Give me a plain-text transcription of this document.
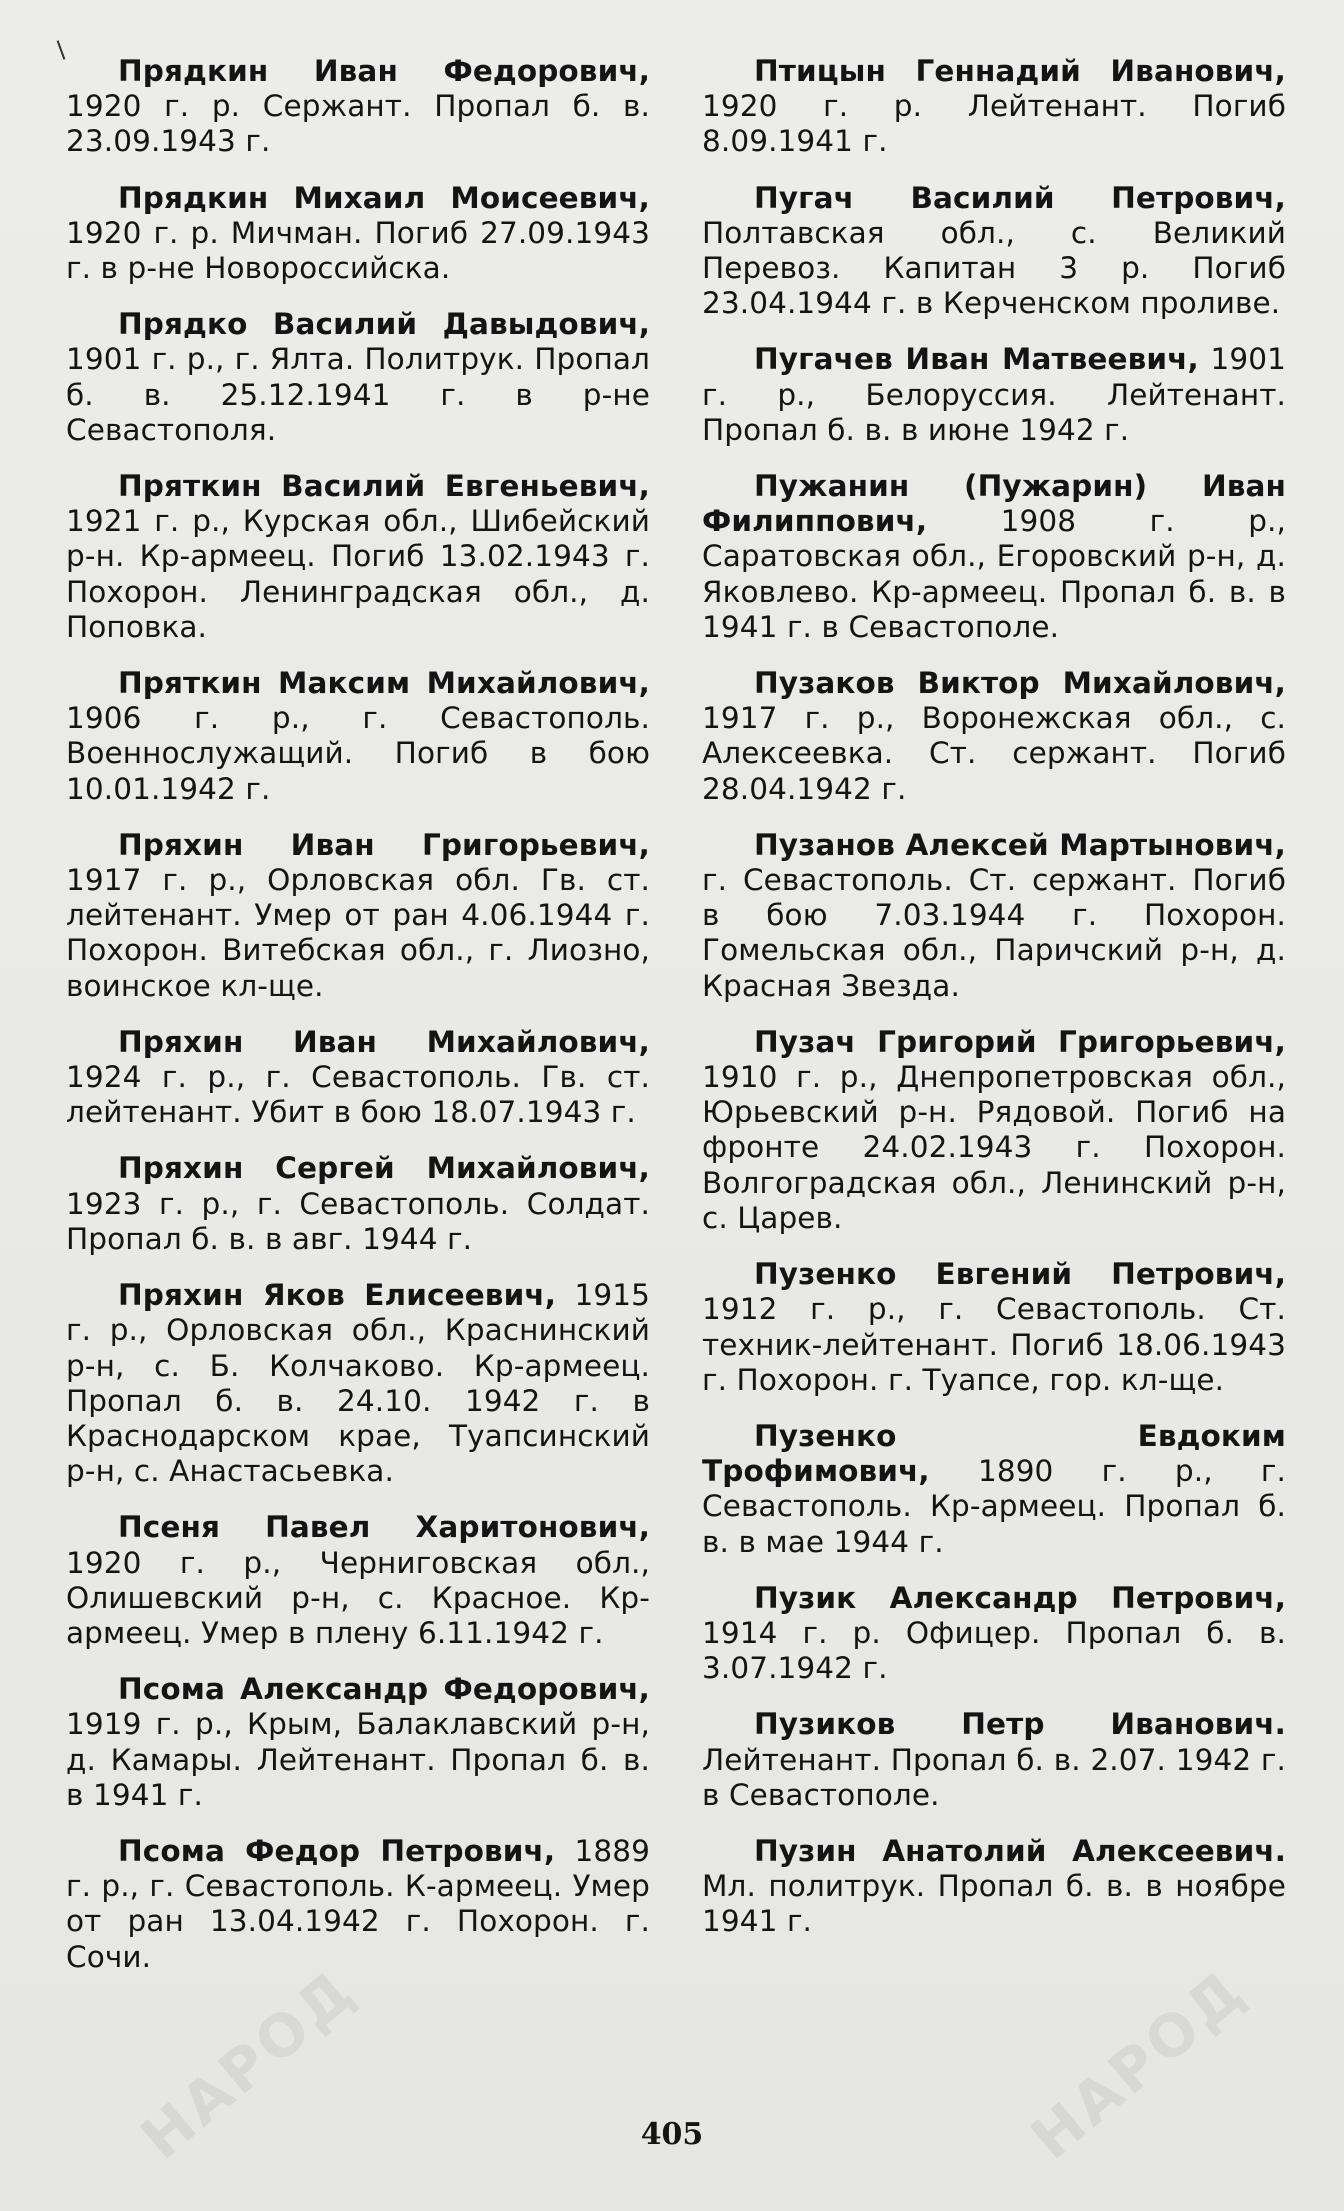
НАРОД	НАРОД

Прядкин Иван Федорович, 1920 г. р. Сержант. Пропал б. в. 23.09.1943 г.

Прядкин Михаил Моисеевич, 1920 г. р. Мичман. Погиб 27.09.1943 г. в р-не Новороссийска.

Прядко Василий Давыдович, 1901 г. р., г. Ялта. Политрук. Пропал б. в. 25.12.1941 г. в р-не Севастополя.

Пряткин Василий Евгеньевич, 1921 г. р., Курская обл., Шибейский р-н. Кр-армеец. Погиб 13.02.1943 г. Похорон. Ленинградская обл., д. Поповка.

Пряткин Максим Михайлович, 1906 г. р., г. Севастополь. Военнослужащий. Погиб в бою 10.01.1942 г.

Пряхин Иван Григорьевич, 1917 г. р., Орловская обл. Гв. ст. лейтенант. Умер от ран 4.06.1944 г. Похорон. Витебская обл., г. Лиозно, воинское кл-ще.

Пряхин Иван Михайлович, 1924 г. р., г. Севастополь. Гв. ст. лейтенант. Убит в бою 18.07.1943 г.

Пряхин Сергей Михайлович, 1923 г. р., г. Севастополь. Солдат. Пропал б. в. в авг. 1944 г.

Пряхин Яков Елисеевич, 1915 г. р., Орловская обл., Краснинский р-н, с. Б. Колчаково. Кр-армеец. Пропал б. в. 24.10. 1942 г. в Краснодарском крае, Туапсинский р-н, с. Анастасьевка.

Псеня Павел Харитонович, 1920 г. р., Черниговская обл., Олишевский р-н, с. Красное. Кр-армеец. Умер в плену 6.11.1942 г.

Псома Александр Федорович, 1919 г. р., Крым, Балаклавский р-н, д. Камары. Лейтенант. Пропал б. в. в 1941 г.

Псома Федор Петрович, 1889 г. р., г. Севастополь. К-армеец. Умер от ран 13.04.1942 г. Похорон. г. Сочи.

Птицын Геннадий Иванович, 1920 г. р. Лейтенант. Погиб 8.09.1941 г.

Пугач Василий Петрович, Полтавская обл., с. Великий Перевоз. Капитан 3 р. Погиб 23.04.1944 г. в Керченском проливе.

Пугачев Иван Матвеевич, 1901 г. р., Белоруссия. Лейтенант. Пропал б. в. в июне 1942 г.

Пужанин (Пужарин) Иван Филиппович, 1908 г. р., Саратовская обл., Егоровский р-н, д. Яковлево. Кр-армеец. Пропал б. в. в 1941 г. в Севастополе.

Пузаков Виктор Михайлович, 1917 г. р., Воронежская обл., с. Алексеевка. Ст. сержант. Погиб 28.04.1942 г.

Пузанов Алексей Мартынович, г. Севастополь. Ст. сержант. Погиб в бою 7.03.1944 г. Похорон. Гомельская обл., Паричский р-н, д. Красная Звезда.

Пузач Григорий Григорьевич, 1910 г. р., Днепропетровская обл., Юрьевский р-н. Рядовой. Погиб на фронте 24.02.1943 г. Похорон. Волгоградская обл., Ленинский р-н, с. Царев.

Пузенко Евгений Петрович, 1912 г. р., г. Севастополь. Ст. техник-лейтенант. Погиб 18.06.1943 г. Похорон. г. Туапсе, гор. кл-ще.

Пузенко Евдоким Трофимович, 1890 г. р., г. Севастополь. Кр-армеец. Пропал б. в. в мае 1944 г.

Пузик Александр Петрович, 1914 г. р. Офицер. Пропал б. в. 3.07.1942 г.

Пузиков Петр Иванович. Лейтенант. Пропал б. в. 2.07. 1942 г. в Севастополе.

Пузин Анатолий Алексеевич. Мл. политрук. Пропал б. в. в ноябре 1941 г.

405
